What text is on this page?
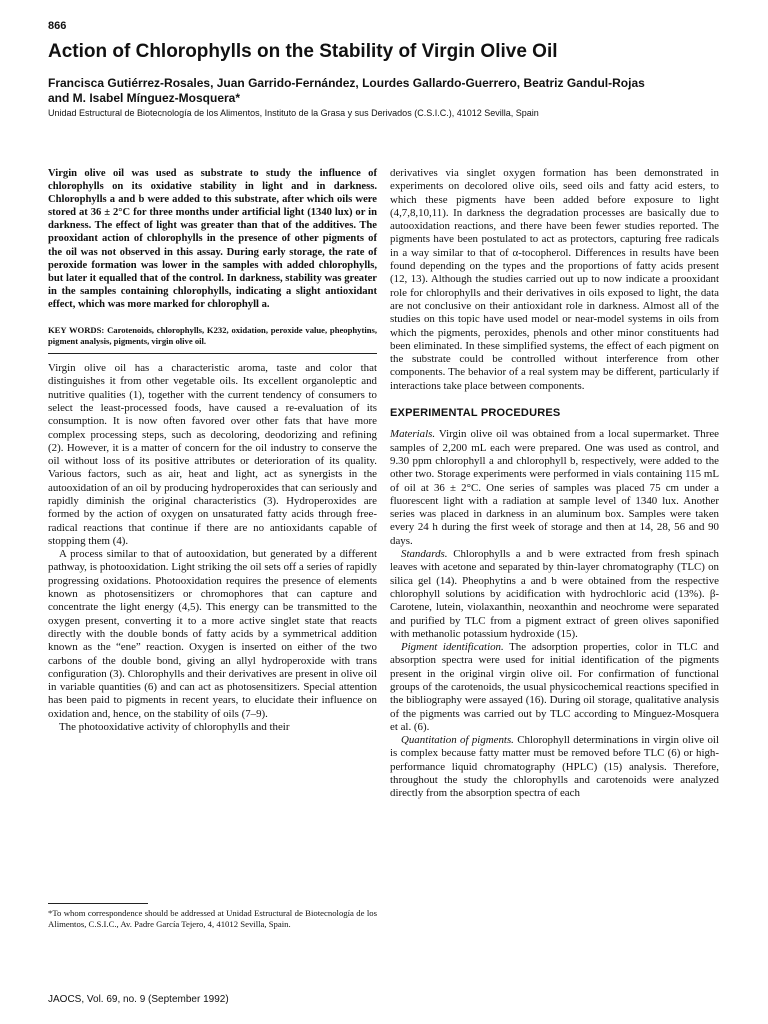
866
Action of Chlorophylls on the Stability of Virgin Olive Oil
Francisca Gutiérrez-Rosales, Juan Garrido-Fernández, Lourdes Gallardo-Guerrero, Beatriz Gandul-Rojas
and M. Isabel Mínguez-Mosquera*
Unidad Estructural de Biotecnología de los Alimentos, Instituto de la Grasa y sus Derivados (C.S.I.C.), 41012 Sevilla, Spain

Virgin olive oil was used as substrate to study the influence of chlorophylls on its oxidative stability in light and in darkness. Chlorophylls a and b were added to this substrate, after which oils were stored at 36 ± 2°C for three months under artificial light (1340 lux) or in darkness. The effect of light was greater than that of the additives. The prooxidant action of chlorophylls in the presence of other pigments of the oil was not observed in this assay. During early storage, the rate of peroxide formation was lower in the samples with added chlorophylls, but later it equalled that of the control. In darkness, stability was greater in the samples containing chlorophylls, indicating a slight antioxidant effect, which was more marked for chlorophyll a.

KEY WORDS: Carotenoids, chlorophylls, K232, oxidation, peroxide value, pheophytins, pigment analysis, pigments, virgin olive oil.

Virgin olive oil has a characteristic aroma, taste and color that distinguishes it from other vegetable oils. Its excellent organoleptic and nutritive qualities (1), together with the current tendency of consumers to select the least-processed foods, have caused a re-evaluation of its consumption. It is now often favored over other fats that have more complex processing steps, such as decoloring, deodorizing and refining (2). However, it is a matter of concern for the oil industry to conserve the oil without loss of its positive attributes or deterioration of its quality. Various factors, such as air, heat and light, act as synergists in the autooxidation of an oil by producing hydroperoxides that can seriously and rapidly diminish the original characteristics (3). Hydroperoxides are formed by the action of oxygen on unsaturated fatty acids through free-radical reactions that continue if there are no antioxidants capable of stopping them (4).

A process similar to that of autooxidation, but generated by a different pathway, is photooxidation. Light striking the oil sets off a series of rapidly progressing oxidations. Photooxidation requires the presence of elements known as photosensitizers or chromophores that can capture and concentrate the light energy (4,5). This energy can be transmitted to the oxygen present, converting it to a more active singlet state that reacts directly with the double bonds of fatty acids by a symmetrical addition known as the “ene” reaction. Oxygen is inserted on either of the two carbons of the double bond, giving an allyl hydroperoxide with trans configuration (3). Chlorophylls and their derivatives are present in olive oil in variable quantities (6) and can act as photosensitizers. Special attention has been paid to pigments in recent years, to elucidate their influence on oxidation and, hence, on the stability of oils (7–9).

The photooxidative activity of chlorophylls and their

derivatives via singlet oxygen formation has been demonstrated in experiments on decolored olive oils, seed oils and fatty acid esters, to which these pigments have been added before exposure to light (4,7,8,10,11). In darkness the degradation processes are basically due to autooxidation reactions, and there have been fewer studies reported. The pigments have been postulated to act as protectors, capturing free radicals in a way similar to that of α-tocopherol. Differences in results have been found depending on the types and the proportions of fatty acids present (12, 13). Although the studies carried out up to now indicate a prooxidant role for chlorophylls and their derivatives in oils exposed to light, the data are not conclusive on their antioxidant role in darkness. Almost all of the studies on this topic have used model or near-model systems in oils from which the pigments, peroxides, phenols and other minor constituents had been eliminated. In these simplified systems, the effect of each pigment on the substrate could be controlled without interference from other components. The behavior of a real system may be different, particularly if interactions take place between components.

EXPERIMENTAL PROCEDURES

Materials. Virgin olive oil was obtained from a local supermarket. Three samples of 2,200 mL each were prepared. One was used as control, and 9.30 ppm chlorophyll a and chlorophyll b, respectively, were added to the other two. Storage experiments were performed in vials containing 115 mL of oil at 36 ± 2°C. One series of samples was placed 75 cm under a fluorescent light with a radiation at sample level of 1340 lux. Another series was placed in darkness in an aluminum box. Samples were taken every 24 h during the first week of storage and then at 14, 28, 56 and 90 days.

Standards. Chlorophylls a and b were extracted from fresh spinach leaves with acetone and separated by thin-layer chromatography (TLC) on silica gel (14). Pheophytins a and b were obtained from the respective chlorophyll solutions by acidification with hydrochloric acid (13%). β-Carotene, lutein, violaxanthin, neoxanthin and neochrome were separated and purified by TLC from a pigment extract of green olives saponified with methanolic potassium hydroxide (15).

Pigment identification. The adsorption properties, color in TLC and absorption spectra were used for initial identification of the pigments present in the original virgin olive oil. For confirmation of functional groups of the carotenoids, the usual physicochemical reactions specified in the bibliography were assayed (16). During oil storage, qualitative analysis of the pigments was carried out by TLC according to Mínguez-Mosquera et al. (6).

Quantitation of pigments. Chlorophyll determinations in virgin olive oil is complex because fatty matter must be removed before TLC (6) or high-performance liquid chromatography (HPLC) (15) analysis. Therefore, throughout the study the chlorophylls and carotenoids were analyzed directly from the absorption spectra of each

*To whom correspondence should be addressed at Unidad Estructural de Biotecnología de los Alimentos, C.S.I.C., Av. Padre García Tejero, 4, 41012 Sevilla, Spain.

JAOCS, Vol. 69, no. 9 (September 1992)
